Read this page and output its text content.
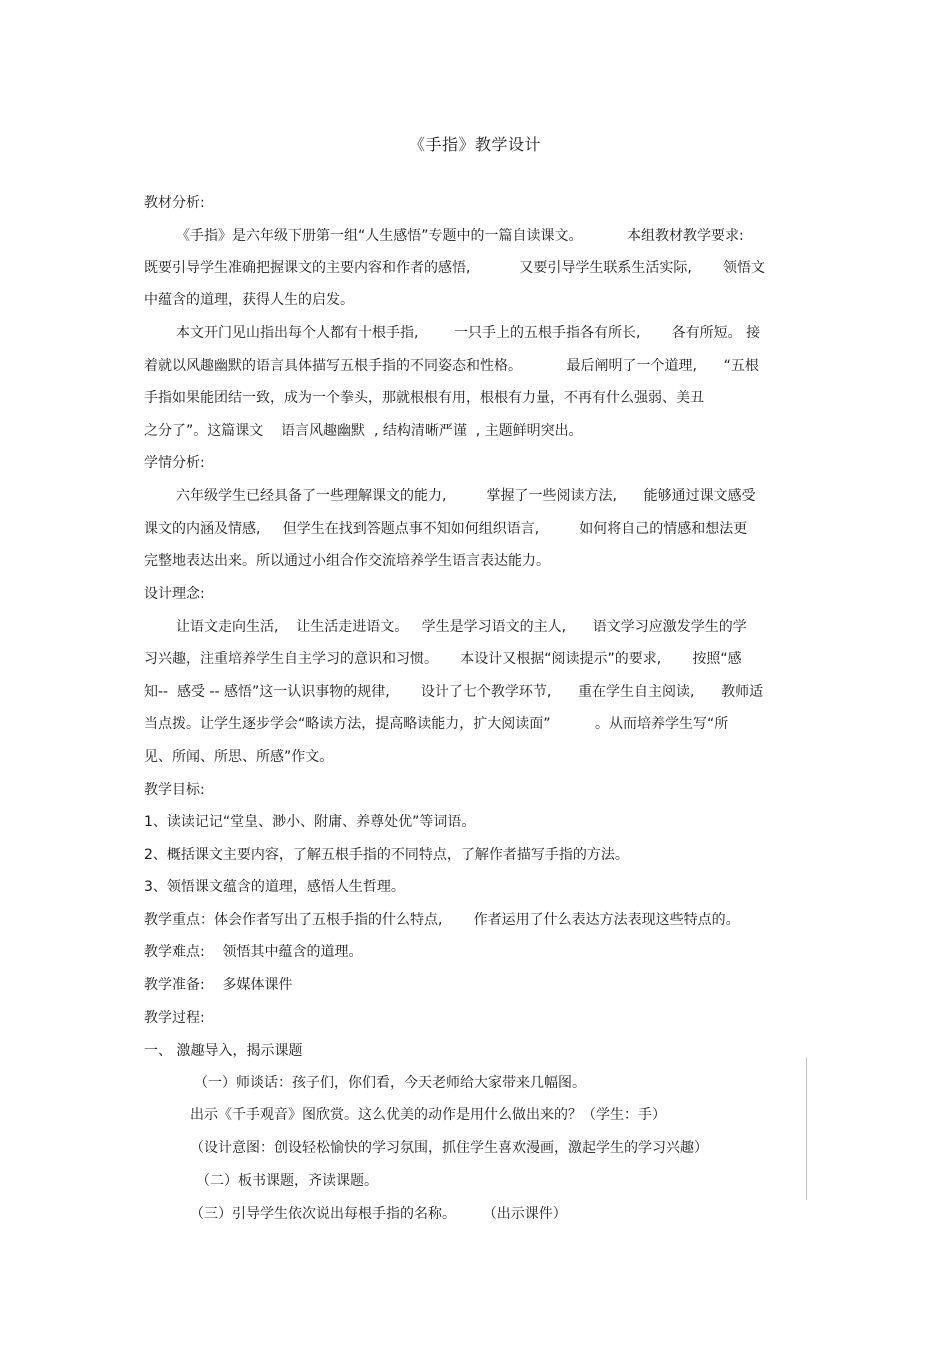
《手指》教学设计
教材分析:
《手指》是六年级下册第一组“人生感悟”专题中的一篇自读课文。          本组教材教学要求:
既要引导学生准确把握课文的主要内容和作者的感悟,           又要引导学生联系生活实际,       领悟文
中蕴含的道理，获得人生的启发。
本文开门见山指出每个人都有十根手指,        一只手上的五根手指各有所长,       各有所短。 接
着就以风趣幽默的语言具体描写五根手指的不同姿态和性格。          最后阐明了一个道理,      “五根
手指如果能团结一致，成为一个拳头，那就根根有用，根根有力量，不再有什么强弱、美丑
之分了”。这篇课文    语言风趣幽默  , 结构清晰严谨  , 主题鲜明突出。
学情分析:
六年级学生已经具备了一些理解课文的能力,         掌握了一些阅读方法,      能够通过课文感受
课文的内涵及情感,     但学生在找到答题点事不知如何组织语言,         如何将自己的情感和想法更
完整地表达出来。所以通过小组合作交流培养学生语言表达能力。
设计理念:
让语文走向生活,    让生活走进语文。   学生是学习语文的主人,      语文学习应激发学生的学
习兴趣，注重培养学生自主学习的意识和习惯。     本设计又根据“阅读提示”的要求,       按照“感
知--  感受 -- 感悟”这一认识事物的规律,       设计了七个教学环节,      重在学生自主阅读,      教师适
当点拨。让学生逐步学会“略读方法，提高略读能力，扩大阅读面”          。从而培养学生写“所
见、所闻、所思、所感”作文。
教学目标:
1、读读记记“堂皇、渺小、附庸、养尊处优”等词语。
2、概括课文主要内容，了解五根手指的不同特点，了解作者描写手指的方法。
3、领悟课文蕴含的道理，感悟人生哲理。
教学重点：体会作者写出了五根手指的什么特点,       作者运用了什么表达方法表现这些特点的。
教学难点:    领悟其中蕴含的道理。
教学准备:    多媒体课件
教学过程:
一、 激趣导入，揭示课题
（一）师谈话：孩子们，你们看，今天老师给大家带来几幅图。
出示《千手观音》图欣赏。这么优美的动作是用什么做出来的？（学生：手）
（设计意图：创设轻松愉快的学习氛围，抓住学生喜欢漫画，激起学生的学习兴趣）
（二）板书课题，齐读课题。
（三）引导学生依次说出每根手指的名称。      （出示课件）
